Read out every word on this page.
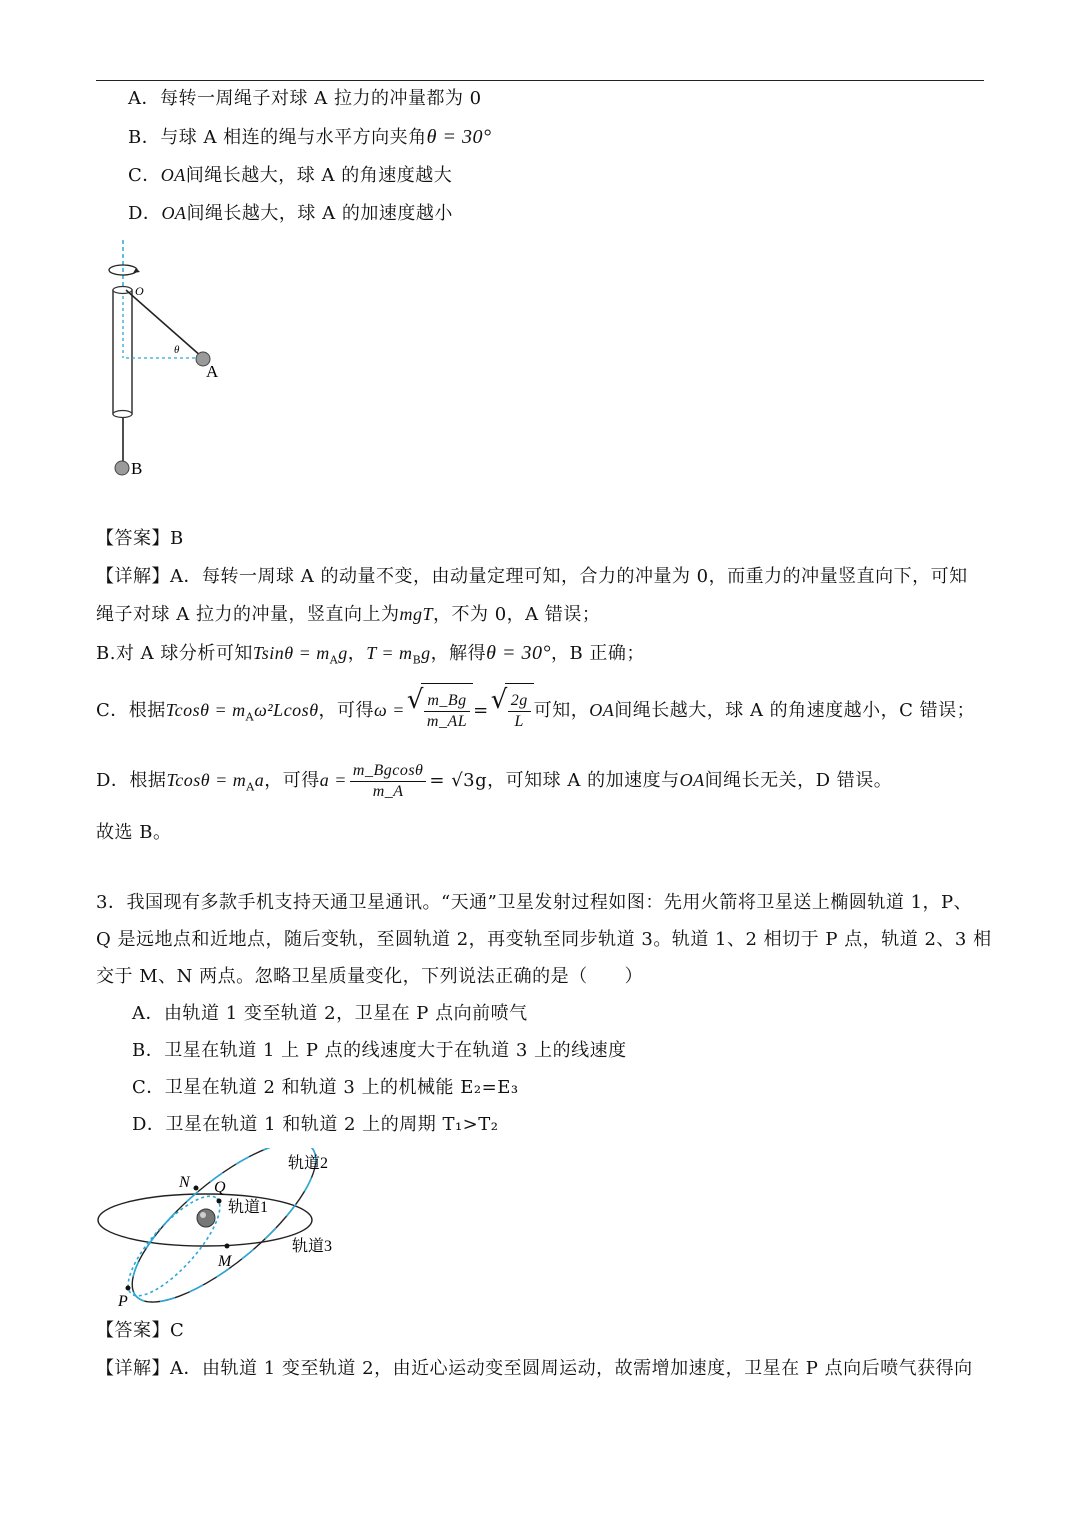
A．每转一周绳子对球 A 拉力的冲量都为 0
B．与球 A 相连的绳与水平方向夹角θ = 30°
C．OA间绳长越大，球 A 的角速度越大
D．OA间绳长越大，球 A 的加速度越小
O
θ
A
B
【答案】B
【详解】A．每转一周球 A 的动量不变，由动量定理可知，合力的冲量为 0，而重力的冲量竖直向下，可知
绳子对球 A 拉力的冲量，竖直向上为mgT，不为 0，A 错误；
B.对 A 球分析可知$Tsin\theta = m_Ag$，$T = m_Bg$，解得θ = 30°，B 正确；
C．根据$Tcos\theta = m_A\omega^2Lcos\theta$，可得ω = √ $\frac{m\_Bg}{m\_AL}$ = √ $\frac{2g}{L}$ 可知，OA间绳长越大，球 A 的角速度越小，C 错误；
D．根据$Tcos\theta = m_Aa$，可得$a = \frac{m\_Bgcos\theta}{m\_A} = √3g$，可知球 A 的加速度与OA间绳长无关，D 错误。
故选 B。
3．我国现有多款手机支持天通卫星通讯。“天通”卫星发射过程如图：先用火箭将卫星送上椭圆轨道 1，P、
Q 是远地点和近地点，随后变轨，至圆轨道 2，再变轨至同步轨道 3。轨道 1、2 相切于 P 点，轨道 2、3 相
交于 M、N 两点。忽略卫星质量变化，下列说法正确的是（　　）
A．由轨道 1 变至轨道 2，卫星在 P 点向前喷气
B．卫星在轨道 1 上 P 点的线速度大于在轨道 3 上的线速度
C．卫星在轨道 2 和轨道 3 上的机械能 E₂=E₃
D．卫星在轨道 1 和轨道 2 上的周期 T₁>T₂
轨道2
N Q
轨道1
轨道3
M
P
【答案】C
【详解】A．由轨道 1 变至轨道 2，由近心运动变至圆周运动，故需增加速度，卫星在 P 点向后喷气获得向
